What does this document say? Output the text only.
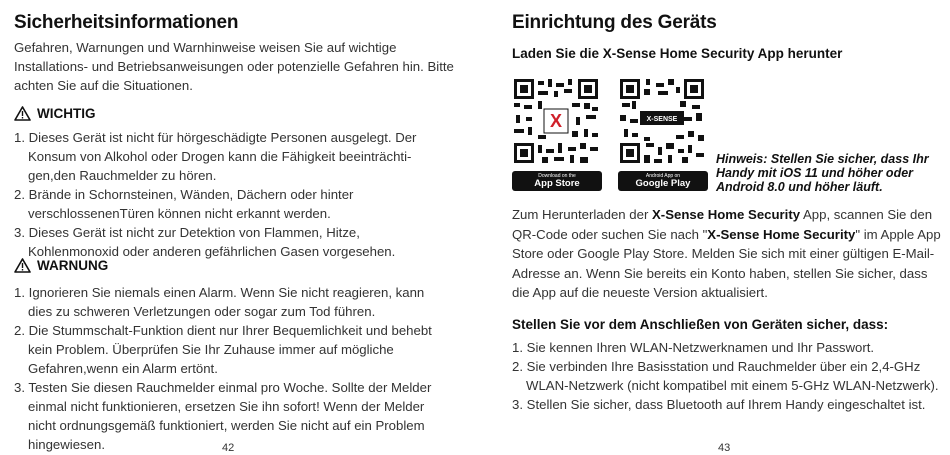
Sicherheitsinformationen
Gefahren, Warnungen und Warnhinweise weisen Sie auf wichtige Installations- und Betriebsanweisungen oder potenzielle Gefahren hin. Bitte achten Sie auf die Situationen.
WICHTIG
1. Dieses Gerät ist nicht für hörgeschädigte Personen ausgelegt. Der Konsum von Alkohol oder Drogen kann die Fähigkeit beeinträchti-gen,den Rauchmelder zu hören.
2. Brände in Schornsteinen, Wänden, Dächern oder hinter verschlossenenTüren können nicht erkannt werden.
3. Dieses Gerät ist nicht zur Detektion von Flammen, Hitze, Kohlenmonoxid oder anderen gefährlichen Gasen vorgesehen.
WARNUNG
1. Ignorieren Sie niemals einen Alarm. Wenn Sie nicht reagieren, kann dies zu schweren Verletzungen oder sogar zum Tod führen.
2. Die Stummschalt-Funktion dient nur Ihrer Bequemlichkeit und behebt kein Problem. Überprüfen Sie Ihr Zuhause immer auf mögliche Gefahren,wenn ein Alarm ertönt.
3. Testen Sie diesen Rauchmelder einmal pro Woche. Sollte der Melder einmal nicht funktionieren, ersetzen Sie ihn sofort! Wenn der Melder nicht ordnungsgemäß funktioniert, werden Sie nicht auf ein Problem hingewiesen.	42
Einrichtung des Geräts
Laden Sie die X-Sense Home Security App herunter
X
Download on the
App Store
X-SENSE
Android App on
Google Play
Hinweis: Stellen Sie sicher, dass Ihr Handy mit iOS 11 und höher oder Android 8.0 und höher läuft.
Zum Herunterladen der X-Sense Home Security App, scannen Sie den QR-Code oder suchen Sie nach "X-Sense Home Security" im Apple App Store oder Google Play Store. Melden Sie sich mit einer gültigen E-Mail-Adresse an. Wenn Sie bereits ein Konto haben, stellen Sie sicher, dass die App auf die neueste Version aktualisiert.
Stellen Sie vor dem Anschließen von Geräten sicher, dass:
1. Sie kennen Ihren WLAN-Netzwerknamen und Ihr Passwort.
2. Sie verbinden Ihre Basisstation und Rauchmelder über ein 2,4-GHz WLAN-Netzwerk (nicht kompatibel mit einem 5-GHz WLAN-Netzwerk).
3. Stellen Sie sicher, dass Bluetooth auf Ihrem Handy eingeschaltet ist.
43
